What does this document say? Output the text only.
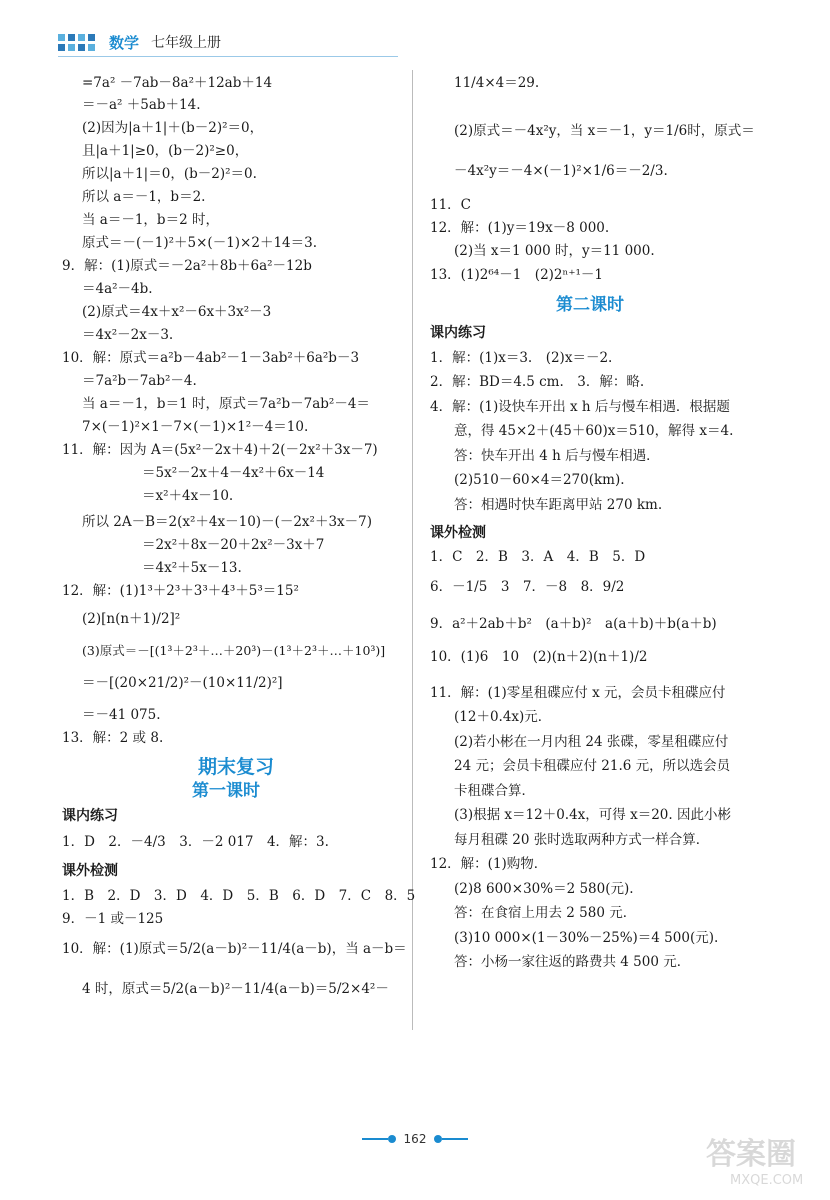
数学 七年级上册
=7a² －7ab－8a²＋12ab＋14
＝－a² ＋5ab＋14.
(2)因为|a＋1|＋(b－2)²＝0，
且|a＋1|≥0，(b－2)²≥0，
所以|a＋1|＝0，(b－2)²＝0.
所以 a＝－1，b＝2.
当 a＝－1，b＝2 时，
原式＝－(－1)²＋5×(－1)×2＋14＝3.
9．解：(1)原式＝－2a²＋8b＋6a²－12b
＝4a²－4b.
(2)原式＝4x＋x²－6x＋3x²－3
＝4x²－2x－3.
10．解：原式＝a²b－4ab²－1－3ab²＋6a²b－3
＝7a²b－7ab²－4.
当 a＝－1，b＝1 时，原式＝7a²b－7ab²－4＝
7×(－1)²×1－7×(－1)×1²－4＝10.
11．解：因为 A＝(5x²－2x＋4)＋2(－2x²＋3x－7)
＝5x²－2x＋4－4x²＋6x－14
＝x²＋4x－10.
所以 2A－B＝2(x²＋4x－10)－(－2x²＋3x－7)
＝2x²＋8x－20＋2x²－3x＋7
＝4x²＋5x－13.
12．解：(1)1³＋2³＋3³＋4³＋5³＝15²
(2)[n(n＋1)/2]²
(3)原式＝－[(1³＋2³＋…＋20³)－(1³＋2³＋…＋10³)]
＝－[(20×21/2)²－(10×11/2)²]
＝－41 075.
13．解：2 或 8.
期末复习
第一课时
课内练习
1．D　2．－4/3　3．－2 017　4．解：3.
课外检测
1．B　2．D　3．D　4．D　5．B　6．D　7．C　8．5
9．－1 或－125
10．解：(1)原式＝5/2(a－b)²－11/4(a－b)，当 a－b＝
4 时，原式＝5/2(a－b)²－11/4(a－b)＝5/2×4²－
11/4×4＝29.
(2)原式＝－4x²y，当 x＝－1，y＝1/6时，原式＝
－4x²y＝－4×(－1)²×1/6＝－2/3.
11．C
12．解：(1)y＝19x－8 000.
(2)当 x＝1 000 时，y＝11 000.
13．(1)2⁶⁴－1　(2)2ⁿ⁺¹－1
第二课时
课内练习
1．解：(1)x＝3.　(2)x＝－2.
2．解：BD＝4.5 cm.　3．解：略.
4．解：(1)设快车开出 x h 后与慢车相遇．根据题
意，得 45×2＋(45＋60)x＝510，解得 x＝4.
答：快车开出 4 h 后与慢车相遇．
(2)510－60×4＝270(km).
答：相遇时快车距离甲站 270 km.
课外检测
1．C　2．B　3．A　4．B　5．D
6．－1/5　3　7．－8　8．9/2
9．a²＋2ab＋b²　(a＋b)²　a(a＋b)＋b(a＋b)
10．(1)6　10　(2)(n＋2)(n＋1)/2
11．解：(1)零星租碟应付 x 元，会员卡租碟应付
(12＋0.4x)元．
(2)若小彬在一月内租 24 张碟，零星租碟应付
24 元；会员卡租碟应付 21.6 元，所以选会员
卡租碟合算．
(3)根据 x＝12＋0.4x，可得 x＝20. 因此小彬
每月租碟 20 张时选取两种方式一样合算．
12．解：(1)购物．
(2)8 600×30%＝2 580(元).
答：在食宿上用去 2 580 元．
(3)10 000×(1－30%－25%)＝4 500(元).
答：小杨一家往返的路费共 4 500 元．
162	答案圈
MXQE.COM
